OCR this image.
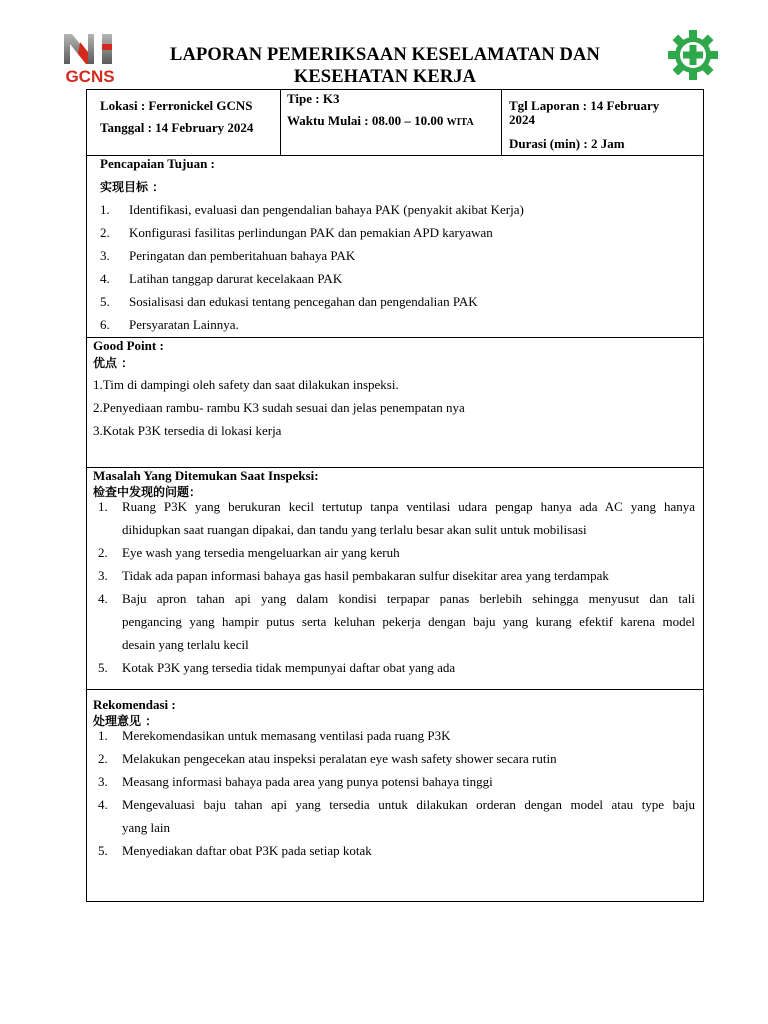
GCNS
LAPORAN PEMERIKSAAN KESELAMATAN DAN
KESEHATAN KERJA
Lokasi : Ferronickel GCNS
Tanggal : 14 February 2024
Tipe : K3
Waktu Mulai : 08.00 – 10.00 WITA
Tgl Laporan : 14 February
2024
Durasi (min) : 2 Jam
Pencapaian Tujuan :
实现目标 ：
1.	Identifikasi, evaluasi dan pengendalian bahaya PAK (penyakit akibat Kerja)
2.	Konfigurasi fasilitas perlindungan PAK dan pemakian APD karyawan
3.	Peringatan dan pemberitahuan bahaya PAK
4.	Latihan tanggap darurat kecelakaan PAK
5.	Sosialisasi dan edukasi tentang pencegahan dan pengendalian PAK
6.	Persyaratan Lainnya.
Good Point :
优点 ：
1.Tim di dampingi oleh safety dan saat dilakukan inspeksi.
2.Penyediaan rambu- rambu K3 sudah sesuai dan jelas penempatan nya
3.Kotak P3K tersedia di lokasi kerja
Masalah Yang Ditemukan Saat Inspeksi:
检查中发现的问题：
1.	Ruang P3K yang berukuran kecil tertutup tanpa ventilasi udara pengap hanya ada AC yang hanya
dihidupkan saat ruangan dipakai, dan tandu yang terlalu besar akan sulit untuk mobilisasi
2.	Eye wash yang tersedia mengeluarkan air yang keruh
3.	Tidak ada papan informasi bahaya gas hasil pembakaran sulfur disekitar area yang terdampak
4.	Baju apron tahan api yang dalam kondisi terpapar panas berlebih sehingga menyusut dan tali
pengancing yang hampir putus serta keluhan pekerja dengan baju yang kurang efektif karena model
desain yang terlalu kecil
5.	Kotak P3K yang tersedia tidak mempunyai daftar obat yang ada
Rekomendasi :
处理意见 ：
1.	Merekomendasikan untuk memasang ventilasi pada ruang P3K
2.	Melakukan pengecekan atau inspeksi peralatan eye wash safety shower secara rutin
3.	Measang informasi bahaya pada area yang punya potensi bahaya tinggi
4.	Mengevaluasi baju tahan api yang tersedia untuk dilakukan orderan dengan model atau type baju
yang lain
5.	Menyediakan daftar obat P3K pada setiap kotak
